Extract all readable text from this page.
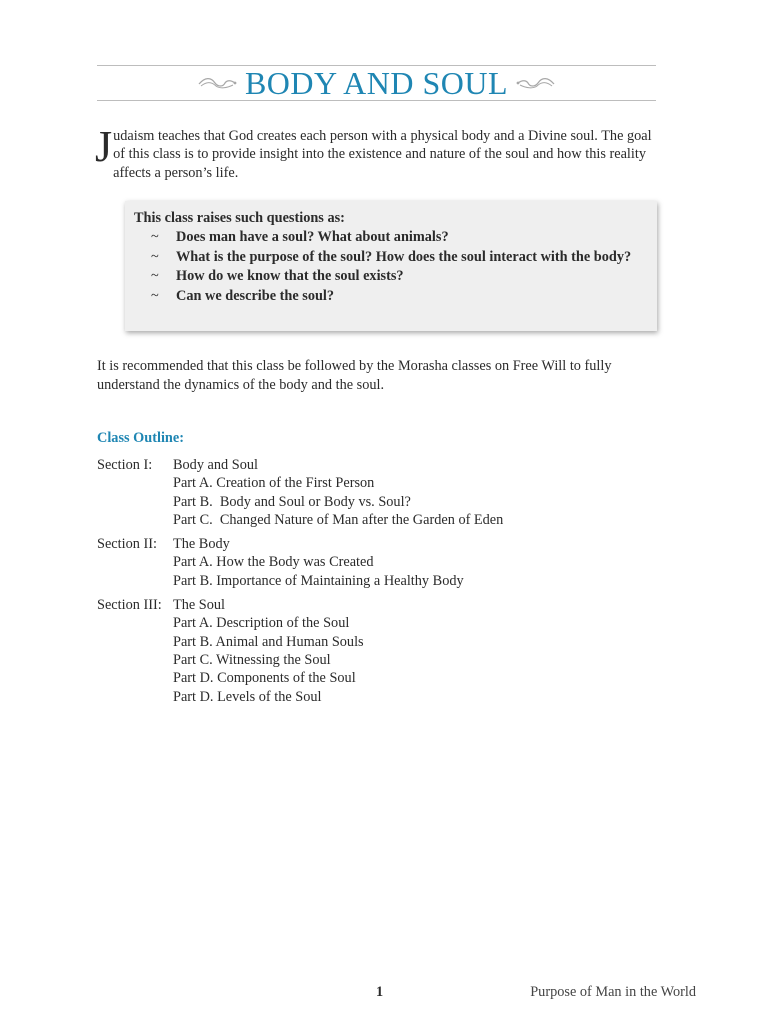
BODY AND SOUL

Judaism teaches that God creates each person with a physical body and a Divine soul. The goal of this class is to provide insight into the existence and nature of the soul and how this reality affects a person’s life.

This class raises such questions as:

~	Does man have a soul? What about animals?
~	What is the purpose of the soul? How does the soul interact with the body?
~	How do we know that the soul exists?
~	Can we describe the soul?

It is recommended that this class be followed by the Morasha classes on Free Will to fully understand the dynamics of the body and the soul.

Class Outline:

Section I:	Body and Soul
Part A. Creation of the First Person
Part B.  Body and Soul or Body vs. Soul?
Part C.  Changed Nature of Man after the Garden of Eden
Section II:	The Body
Part A. How the Body was Created
Part B. Importance of Maintaining a Healthy Body
Section III: The Soul
Part A. Description of the Soul
Part B. Animal and Human Souls
Part C. Witnessing the Soul
Part D. Components of the Soul
Part D. Levels of the Soul
1	Purpose of Man in the World
